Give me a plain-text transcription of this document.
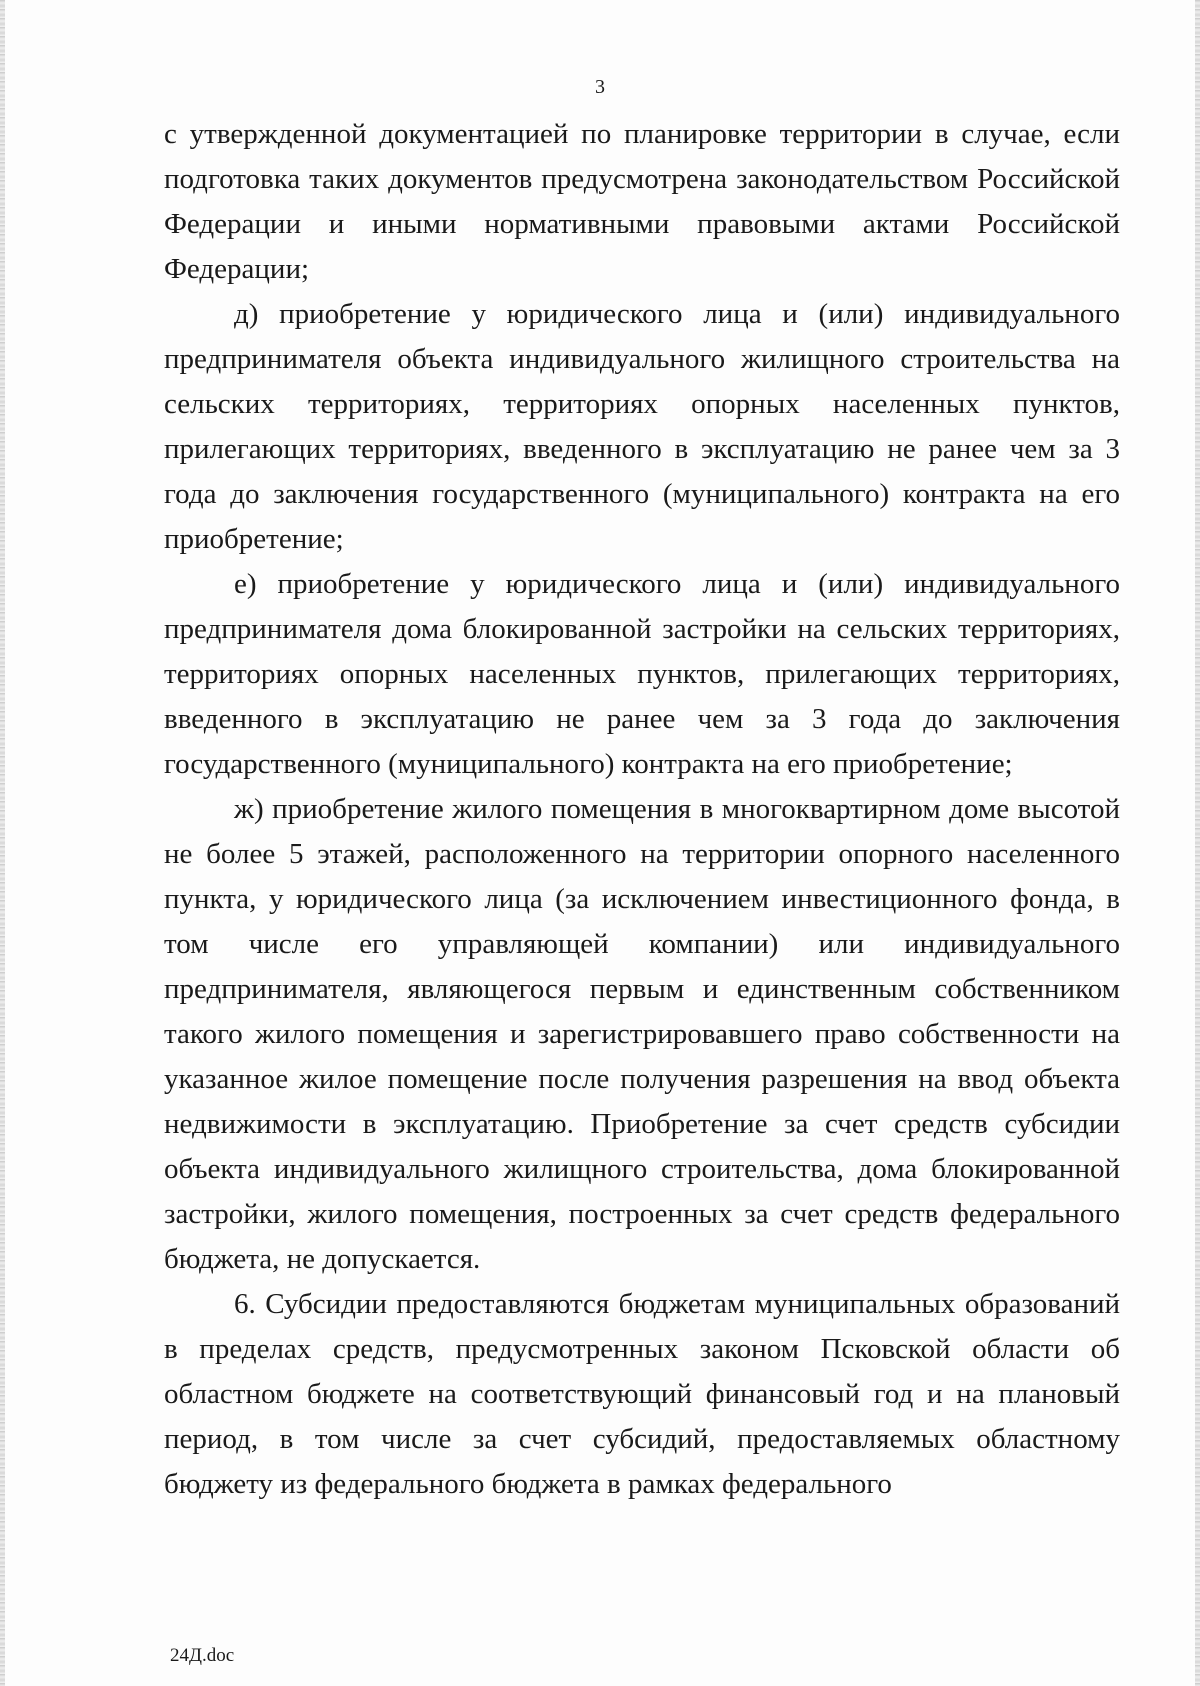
3

с утвержденной документацией по планировке территории в случае, если подготовка таких документов предусмотрена законодательством Российской Федерации и иными нормативными правовыми актами Российской Федерации;

д) приобретение у юридического лица и (или) индивидуального предпринимателя объекта индивидуального жилищного строительства на сельских территориях, территориях опорных населенных пунктов, прилегающих территориях, введенного в эксплуатацию не ранее чем за 3 года до заключения государственного (муниципального) контракта на его приобретение;

е) приобретение у юридического лица и (или) индивидуального предпринимателя дома блокированной застройки на сельских территориях, территориях опорных населенных пунктов, прилегающих территориях, введенного в эксплуатацию не ранее чем за 3 года до заключения государственного (муниципального) контракта на его приобретение;

ж) приобретение жилого помещения в многоквартирном доме высотой не более 5 этажей, расположенного на территории опорного населенного пункта, у юридического лица (за исключением инвестиционного фонда, в том числе его управляющей компании) или индивидуального предпринимателя, являющегося первым и единственным собственником такого жилого помещения и зарегистрировавшего право собственности на указанное жилое помещение после получения разрешения на ввод объекта недвижимости в эксплуатацию. Приобретение за счет средств субсидии объекта индивидуального жилищного строительства, дома блокированной застройки, жилого помещения, построенных за счет средств федерального бюджета, не допускается.

6. Субсидии предоставляются бюджетам муниципальных образований в пределах средств, предусмотренных законом Псковской области об областном бюджете на соответствующий финансовый год и на плановый период, в том числе за счет субсидий, предоставляемых областному бюджету из федерального бюджета в рамках федерального

24Д.doc
